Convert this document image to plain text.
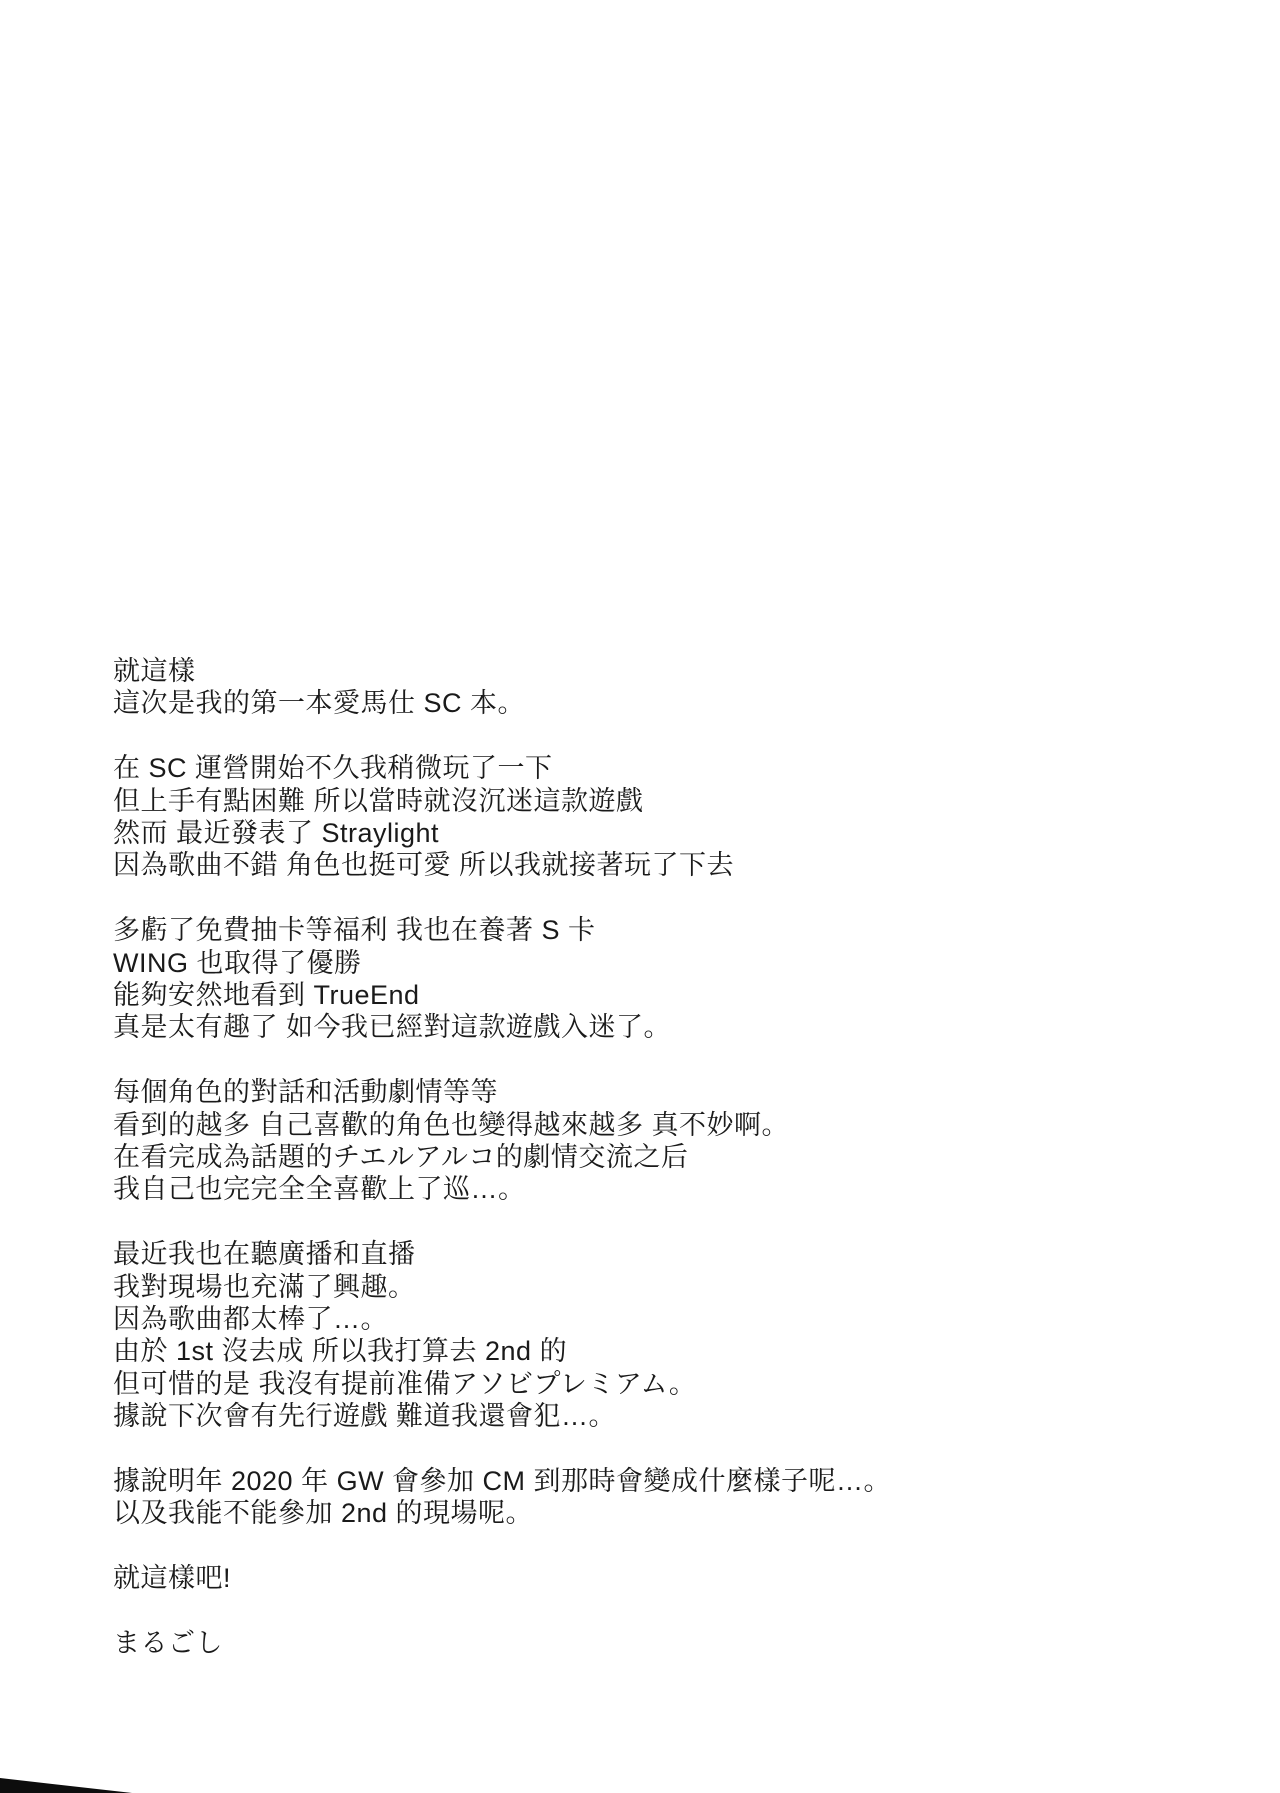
就這樣
這次是我的第一本愛馬仕 SC 本。

在 SC 運營開始不久我稍微玩了一下
但上手有點困難 所以當時就沒沉迷這款遊戲
然而 最近發表了 Straylight
因為歌曲不錯 角色也挺可愛 所以我就接著玩了下去

多虧了免費抽卡等福利 我也在養著 S 卡
WING 也取得了優勝
能夠安然地看到 TrueEnd
真是太有趣了 如今我已經對這款遊戲入迷了。

每個角色的對話和活動劇情等等
看到的越多 自己喜歡的角色也變得越來越多 真不妙啊。
在看完成為話題的チエルアルコ的劇情交流之后
我自己也完完全全喜歡上了巡…。

最近我也在聽廣播和直播
我對現場也充滿了興趣。
因為歌曲都太棒了…。
由於 1st 沒去成 所以我打算去 2nd 的
但可惜的是 我沒有提前准備アソビプレミアム。
據說下次會有先行遊戲 難道我還會犯…。

據說明年 2020 年 GW 會參加 CM 到那時會變成什麼樣子呢…。
以及我能不能參加 2nd 的現場呢。

就這樣吧!

まるごし
